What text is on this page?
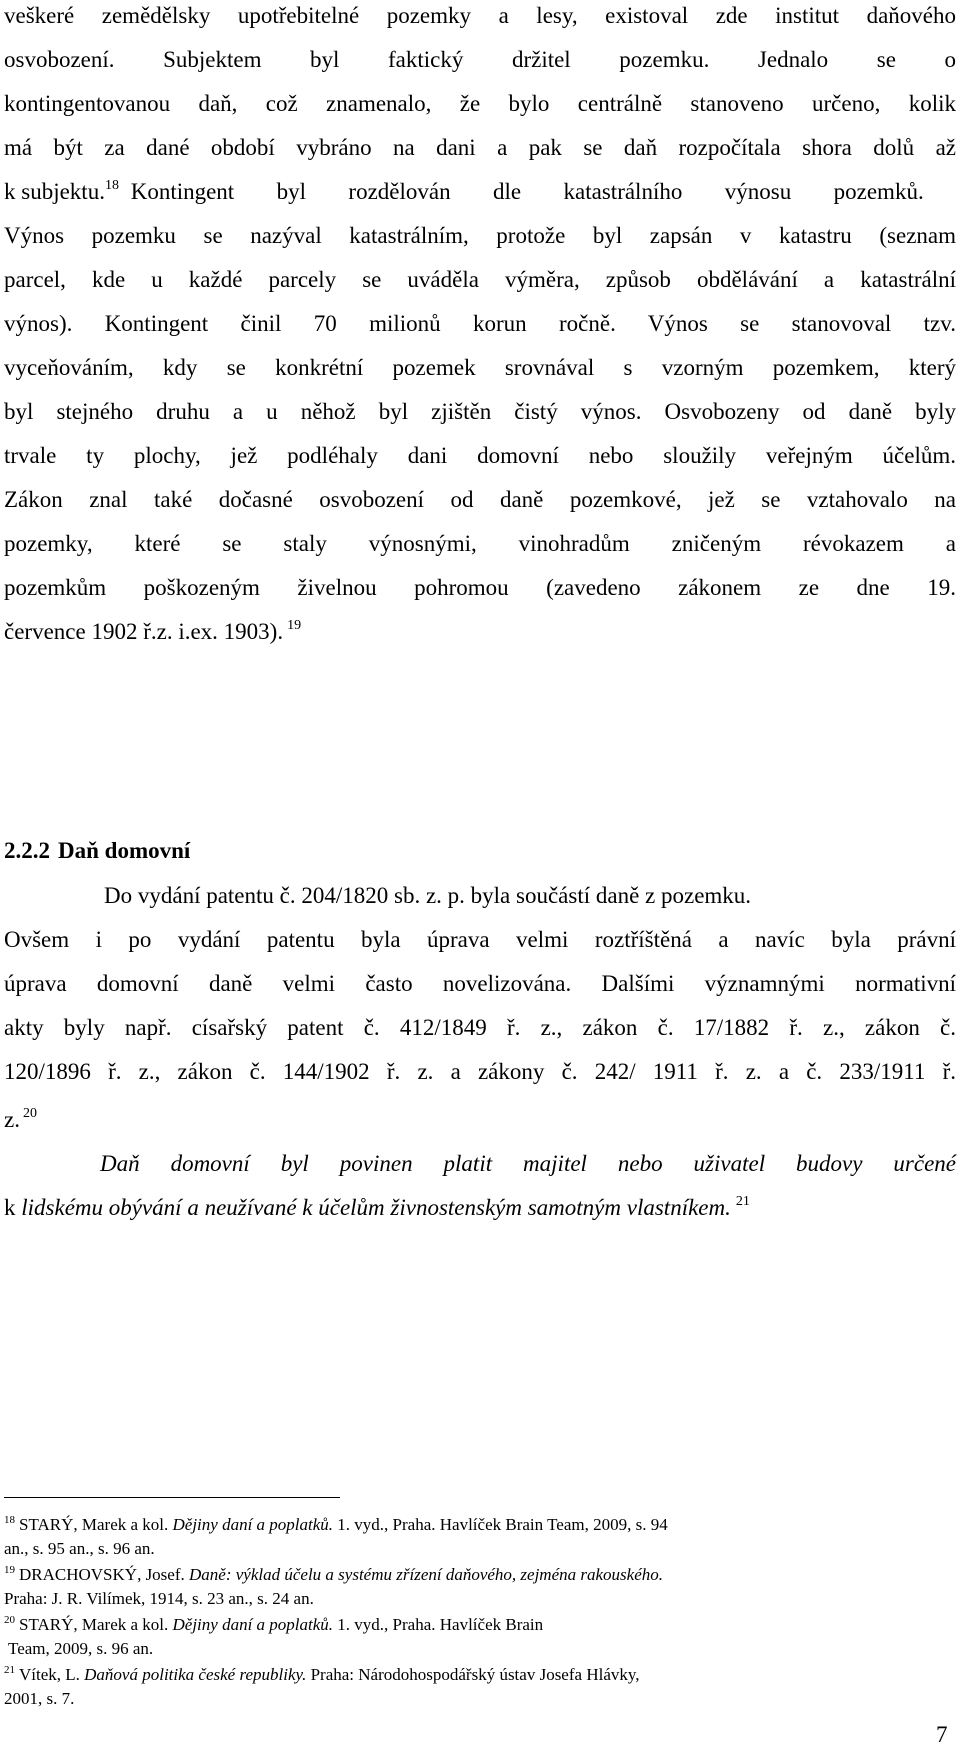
veškeré zemědělsky upotřebitelné pozemky a lesy, existoval zde institut daňového
osvobození. Subjektem byl faktický držitel pozemku. Jednalo se o
kontingentovanou daň, což znamenalo, že bylo centrálně stanoveno určeno, kolik
má být za dané období vybráno na dani a pak se daň rozpočítala shora dolů až
k subjektu.$^{18}$ Kontingent byl rozdělován dle katastrálního výnosu pozemků.
Výnos pozemku se nazýval katastrálním, protože byl zapsán v katastru (seznam
parcel, kde u každé parcely se uváděla výměra, způsob obdělávání a katastrální
výnos). Kontingent činil 70 milionů korun ročně. Výnos se stanovoval tzv.
vyceňováním, kdy se konkrétní pozemek srovnával s vzorným pozemkem, který
byl stejného druhu a u něhož byl zjištěn čistý výnos. Osvobozeny od daně byly
trvale ty plochy, jež podléhaly dani domovní nebo sloužily veřejným účelům.
Zákon znal také dočasné osvobození od daně pozemkové, jež se vztahovalo na
pozemky, které se staly výnosnými, vinohradům zničeným révokazem a
pozemkům poškozeným živelnou pohromou (zavedeno zákonem ze dne 19.
července 1902 ř.z. i.ex. 1903). $^{19}$
2.2.2 Daň domovní
Do vydání patentu č. 204/1820 sb. z. p. byla součástí daně z pozemku.
Ovšem i po vydání patentu byla úprava velmi roztříštěná a navíc byla právní
úprava domovní daně velmi často novelizována. Dalšími významnými normativní
akty byly např. císařský patent č. 412/1849 ř. z., zákon č. 17/1882 ř. z., zákon č.
120/1896 ř. z., zákon č. 144/1902 ř. z. a zákony č. 242/ 1911 ř. z. a č. 233/1911 ř.
z. $^{20}$
Daň domovní byl povinen platit majitel nebo uživatel budovy určené
k lidskému obývání a neužívané k účelům živnostenským samotným vlastníkem. $^{21}$
$^{18}$ STARÝ, Marek a kol. Dějiny daní a poplatků. 1. vyd., Praha. Havlíček Brain Team, 2009, s. 94
an., s. 95 an., s. 96 an.
$^{19}$ DRACHOVSKÝ, Josef. Daně: výklad účelu a systému zřízení daňového, zejména rakouského.
Praha: J. R. Vilímek, 1914, s. 23 an., s. 24 an.
$^{20}$ STARÝ, Marek a kol. Dějiny daní a poplatků. 1. vyd., Praha. Havlíček Brain
Team, 2009, s. 96 an.
$^{21}$ Vítek, L. Daňová politika české republiky. Praha: Národohospodářský ústav Josefa Hlávky,
2001, s. 7.
7
